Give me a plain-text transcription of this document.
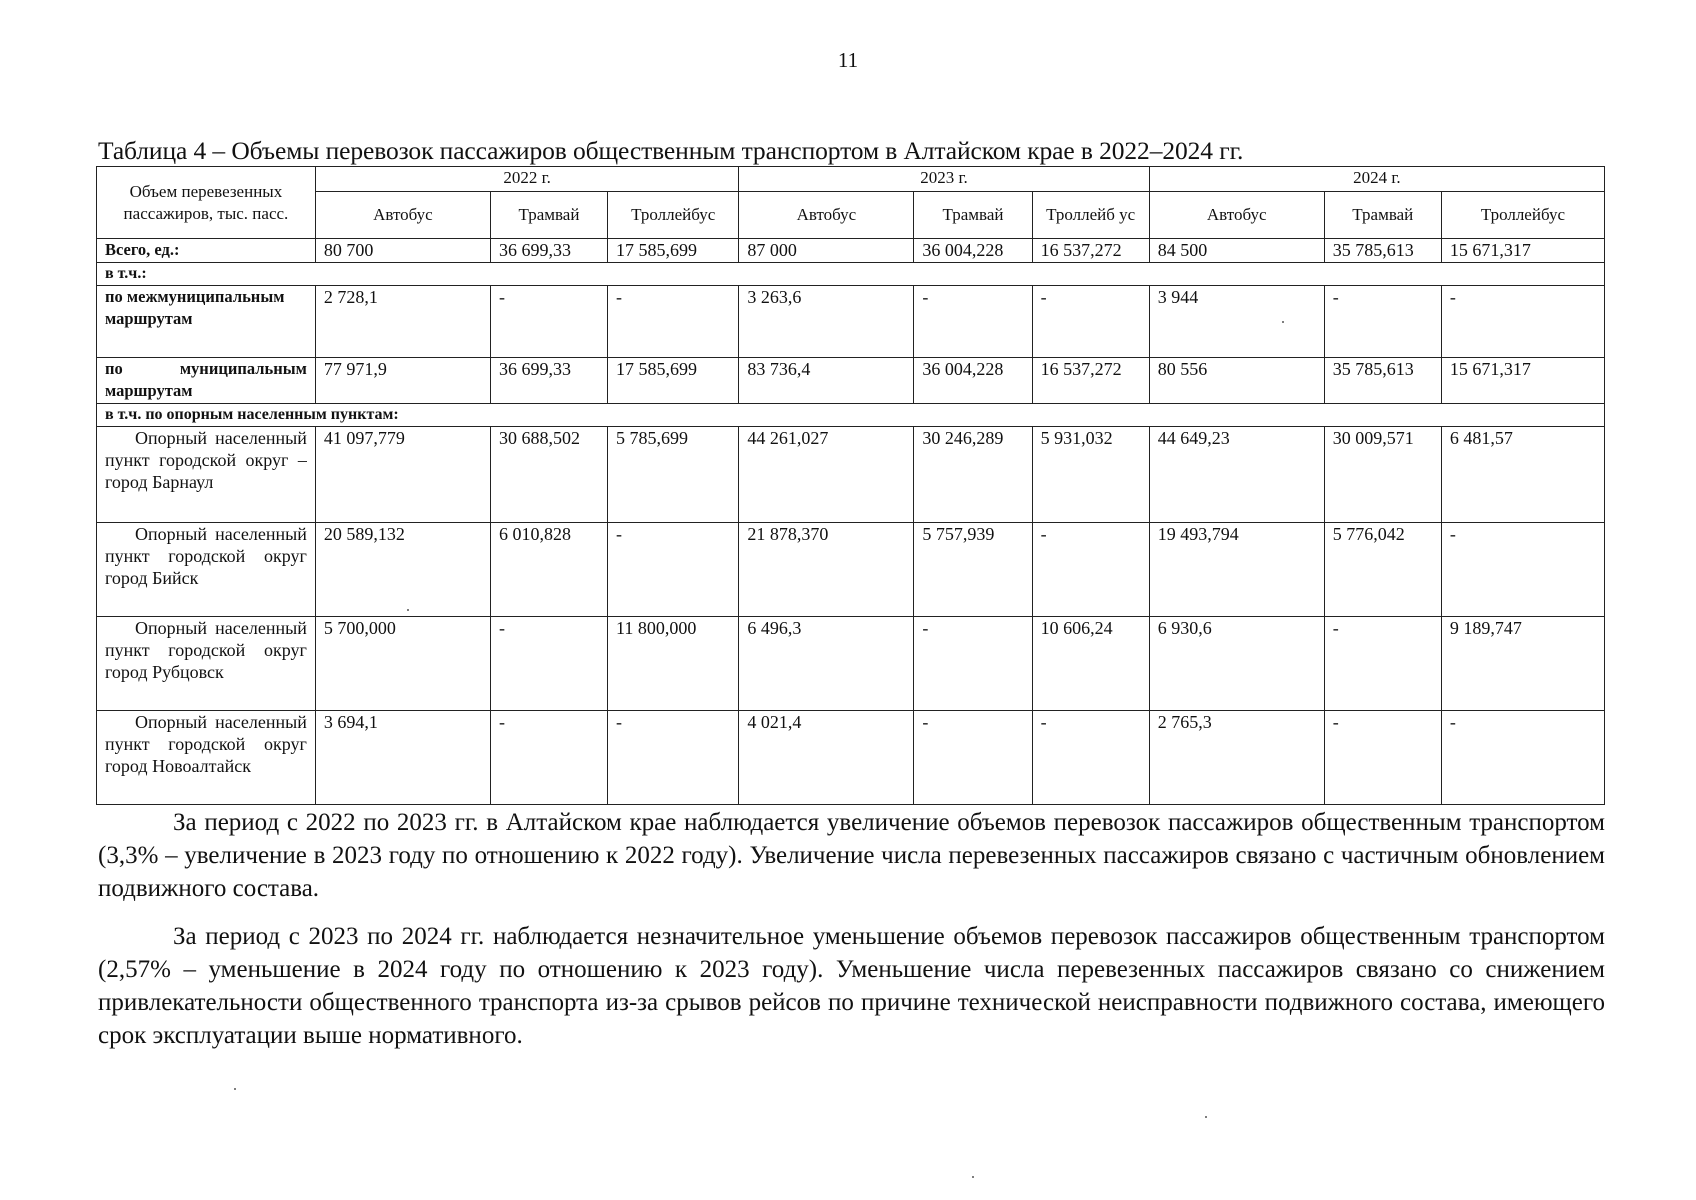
11
Таблица 4 – Объемы перевозок пассажиров общественным транспортом в Алтайском крае в 2022–2024 гг.
Объем перевезенных пассажиров, тыс. пасс.	2022 г.			2023 г.			2024 г.		
	Автобус	Трамвай	Троллейбус	Автобус	Трамвай	Троллейб ус	Автобус	Трамвай	Троллейбус
Всего, ед.:	80 700	36 699,33	17 585,699	87 000	36 004,228	16 537,272	84 500	35 785,613	15 671,317
в т.ч.:									
по межмуниципальным маршрутам	2 728,1	-	-	3 263,6	-	-	3 944	-	-
по муниципальным маршрутам	77 971,9	36 699,33	17 585,699	83 736,4	36 004,228	16 537,272	80 556	35 785,613	15 671,317
в т.ч. по опорным населенным пунктам:									
Опорный населенный пункт городской округ – город Барнаул	41 097,779	30 688,502	5 785,699	44 261,027	30 246,289	5 931,032	44 649,23	30 009,571	6 481,57
Опорный населенный пункт городской округ город Бийск	20 589,132	6 010,828	-	21 878,370	5 757,939	-	19 493,794	5 776,042	-
Опорный населенный пункт городской округ город Рубцовск	5 700,000	-	11 800,000	6 496,3	-	10 606,24	6 930,6	-	9 189,747
Опорный населенный пункт городской округ город Новоалтайск	3 694,1	-	-	4 021,4	-	-	2 765,3	-	-

За период с 2022 по 2023 гг. в Алтайском крае наблюдается увеличение объемов перевозок пассажиров общественным транспортом (3,3% – увеличение в 2023 году по отношению к 2022 году). Увеличение числа перевезенных пассажиров связано с частичным обновлением подвижного состава.

За период с 2023 по 2024 гг. наблюдается незначительное уменьшение объемов перевозок пассажиров общественным транспортом (2,57% – уменьшение в 2024 году по отношению к 2023 году). Уменьшение числа перевезенных пассажиров связано со снижением привлекательности общественного транспорта из-за срывов рейсов по причине технической неисправности подвижного состава, имеющего срок эксплуатации выше нормативного.
